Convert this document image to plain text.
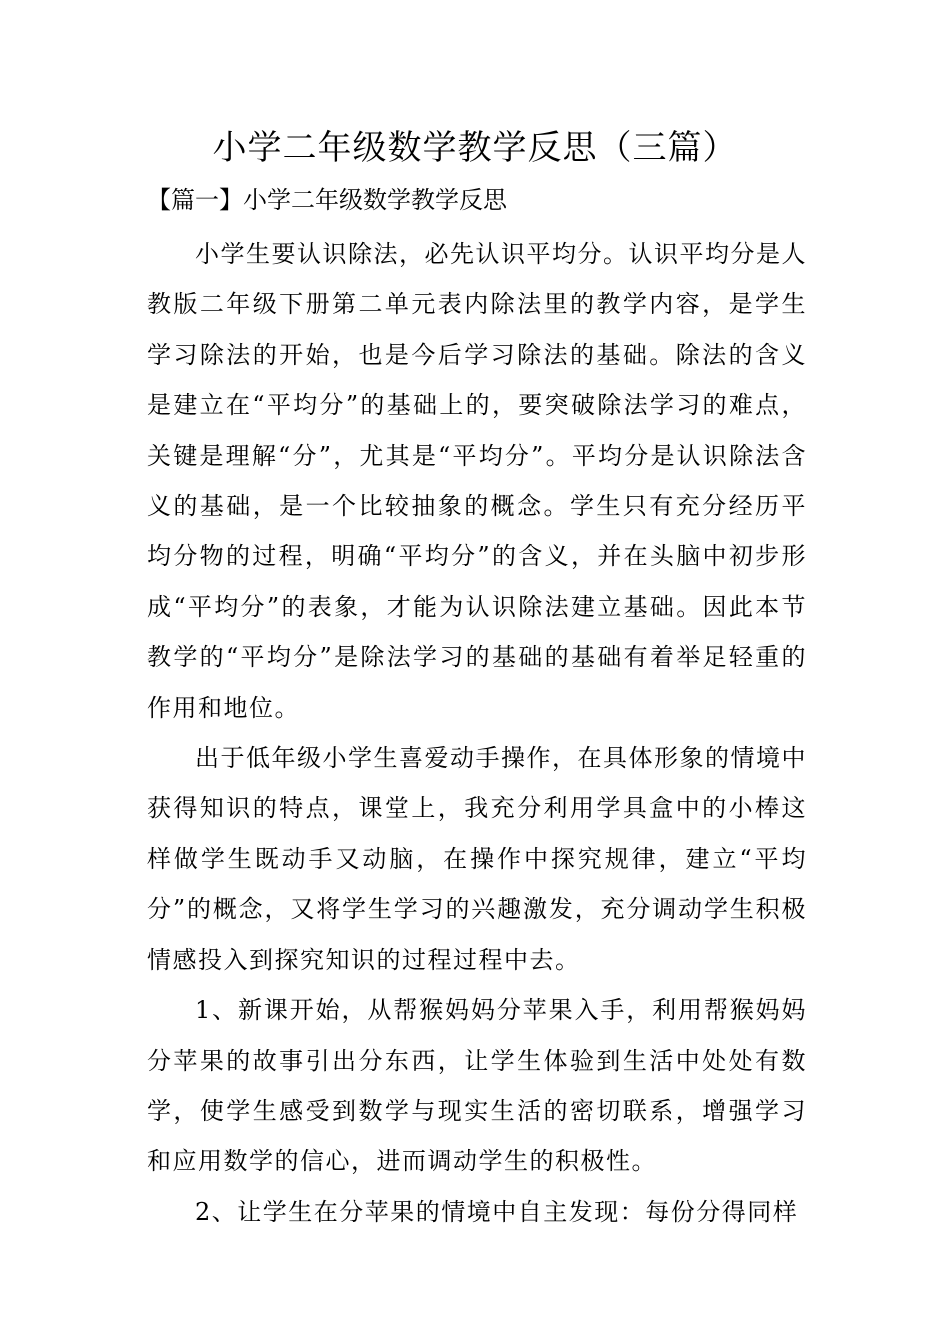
小学二年级数学教学反思（三篇）
【篇一】小学二年级数学教学反思

小学生要认识除法，必先认识平均分。认识平均分是人教版二年级下册第二单元表内除法里的教学内容，是学生学习除法的开始，也是今后学习除法的基础。除法的含义是建立在“平均分”的基础上的，要突破除法学习的难点，关键是理解“分”，尤其是“平均分”。平均分是认识除法含义的基础，是一个比较抽象的概念。学生只有充分经历平均分物的过程，明确“平均分”的含义，并在头脑中初步形成“平均分”的表象，才能为认识除法建立基础。因此本节教学的“平均分”是除法学习的基础的基础有着举足轻重的作用和地位。

出于低年级小学生喜爱动手操作，在具体形象的情境中获得知识的特点，课堂上，我充分利用学具盒中的小棒这样做学生既动手又动脑，在操作中探究规律，建立“平均分”的概念，又将学生学习的兴趣激发，充分调动学生积极情感投入到探究知识的过程过程中去。

1、新课开始，从帮猴妈妈分苹果入手，利用帮猴妈妈分苹果的故事引出分东西，让学生体验到生活中处处有数学，使学生感受到数学与现实生活的密切联系，增强学习和应用数学的信心，进而调动学生的积极性。

2、让学生在分苹果的情境中自主发现：每份分得同样
